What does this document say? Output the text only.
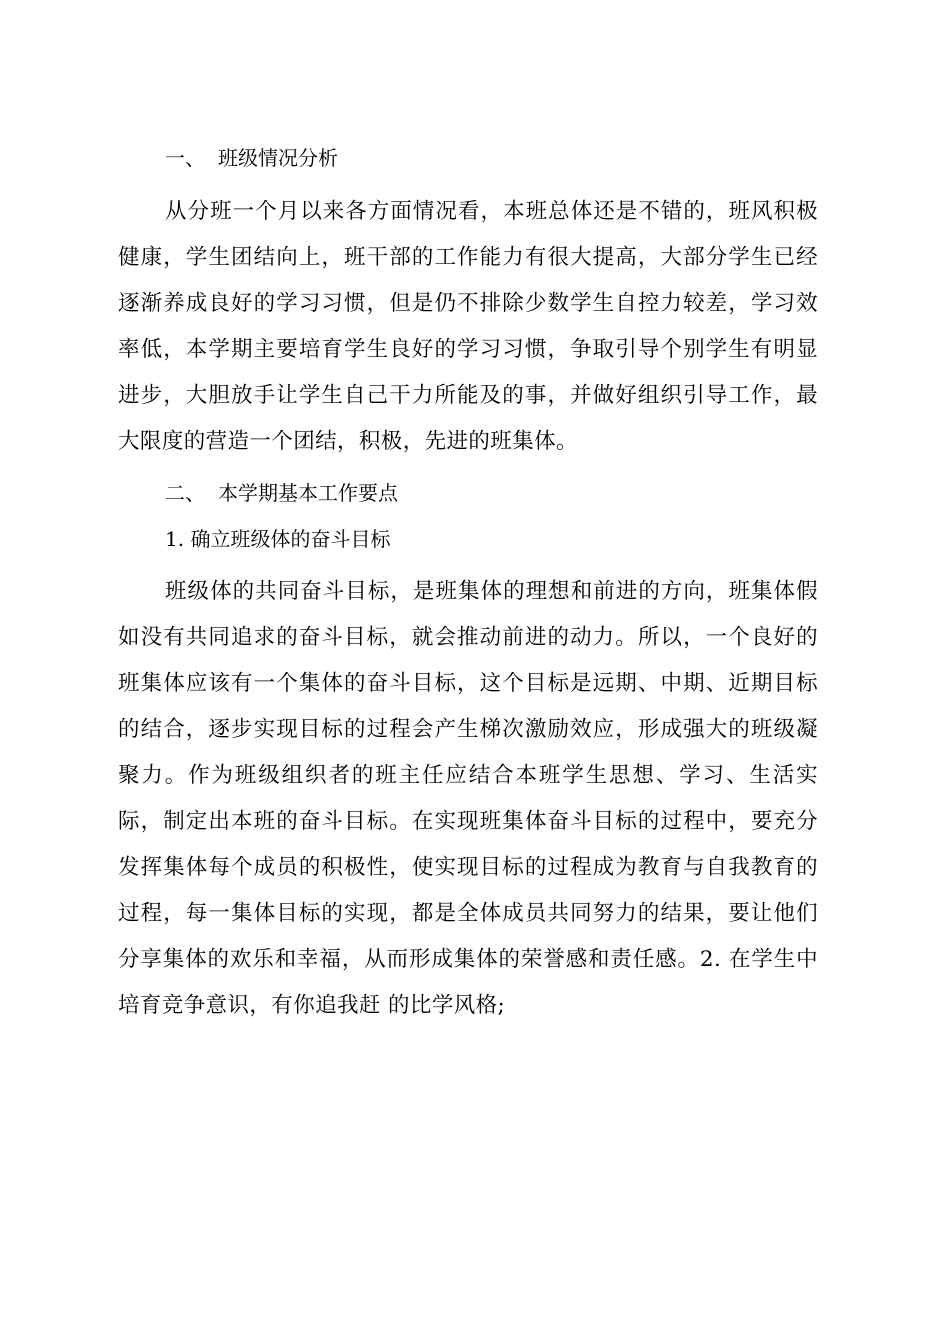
一、 班级情况分析

从分班一个月以来各方面情况看，本班总体还是不错的，班风积极健康，学生团结向上，班干部的工作能力有很大提高，大部分学生已经逐渐养成良好的学习习惯，但是仍不排除少数学生自控力较差，学习效率低，本学期主要培育学生良好的学习习惯，争取引导个别学生有明显进步，大胆放手让学生自己干力所能及的事，并做好组织引导工作，最大限度的营造一个团结，积极，先进的班集体。

二、 本学期基本工作要点
1. 确立班级体的奋斗目标

班级体的共同奋斗目标，是班集体的理想和前进的方向，班集体假如没有共同追求的奋斗目标，就会推动前进的动力。所以，一个良好的班集体应该有一个集体的奋斗目标，这个目标是远期、中期、近期目标的结合，逐步实现目标的过程会产生梯次激励效应，形成强大的班级凝聚力。作为班级组织者的班主任应结合本班学生思想、学习、生活实际，制定出本班的奋斗目标。在实现班集体奋斗目标的过程中，要充分发挥集体每个成员的积极性，使实现目标的过程成为教育与自我教育的过程，每一集体目标的实现，都是全体成员共同努力的结果，要让他们分享集体的欢乐和幸福，从而形成集体的荣誉感和责任感。2. 在学生中培育竞争意识，有你追我赶 的比学风格;
